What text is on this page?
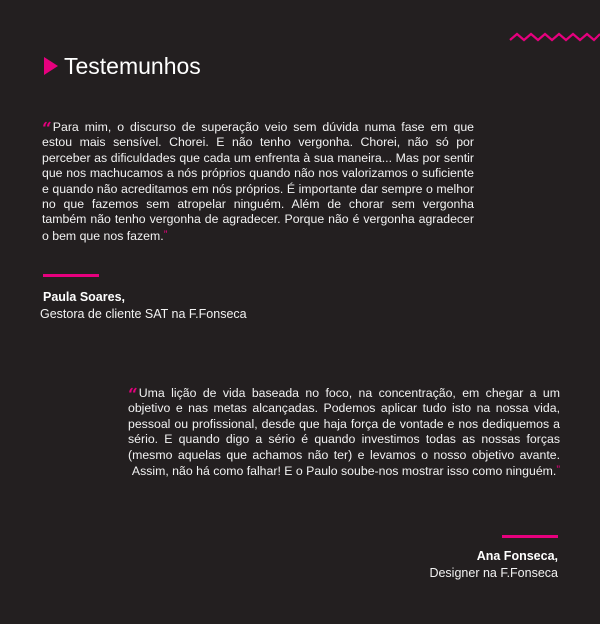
Testemunhos
“Para mim, o discurso de superação veio sem dúvida numa fase em que estou mais sensível. Chorei. E não tenho vergonha. Chorei, não só por perceber as dificuldades que cada um enfrenta à sua maneira... Mas por sentir que nos machucamos a nós próprios quando não nos valorizamos o suficiente e quando não acreditamos em nós próprios. É importante dar sempre o melhor no que fazemos sem atropelar ninguém. Além de chorar sem vergonha também não tenho vergonha de agradecer. Porque não é vergonha agradecer o bem que nos fazem.”
Paula Soares,
Gestora de cliente SAT na F.Fonseca
“Uma lição de vida baseada no foco, na concentração, em chegar a um objetivo e nas metas alcançadas. Podemos aplicar tudo isto na nossa vida, pessoal ou profissional, desde que haja força de vontade e nos dediquemos a sério. E quando digo a sério é quando investimos todas as nossas forças (mesmo aquelas que achamos não ter) e levamos o nosso objetivo avante. Assim, não há como falhar! E o Paulo soube-nos mostrar isso como ninguém.”
Ana Fonseca,
Designer na F.Fonseca
